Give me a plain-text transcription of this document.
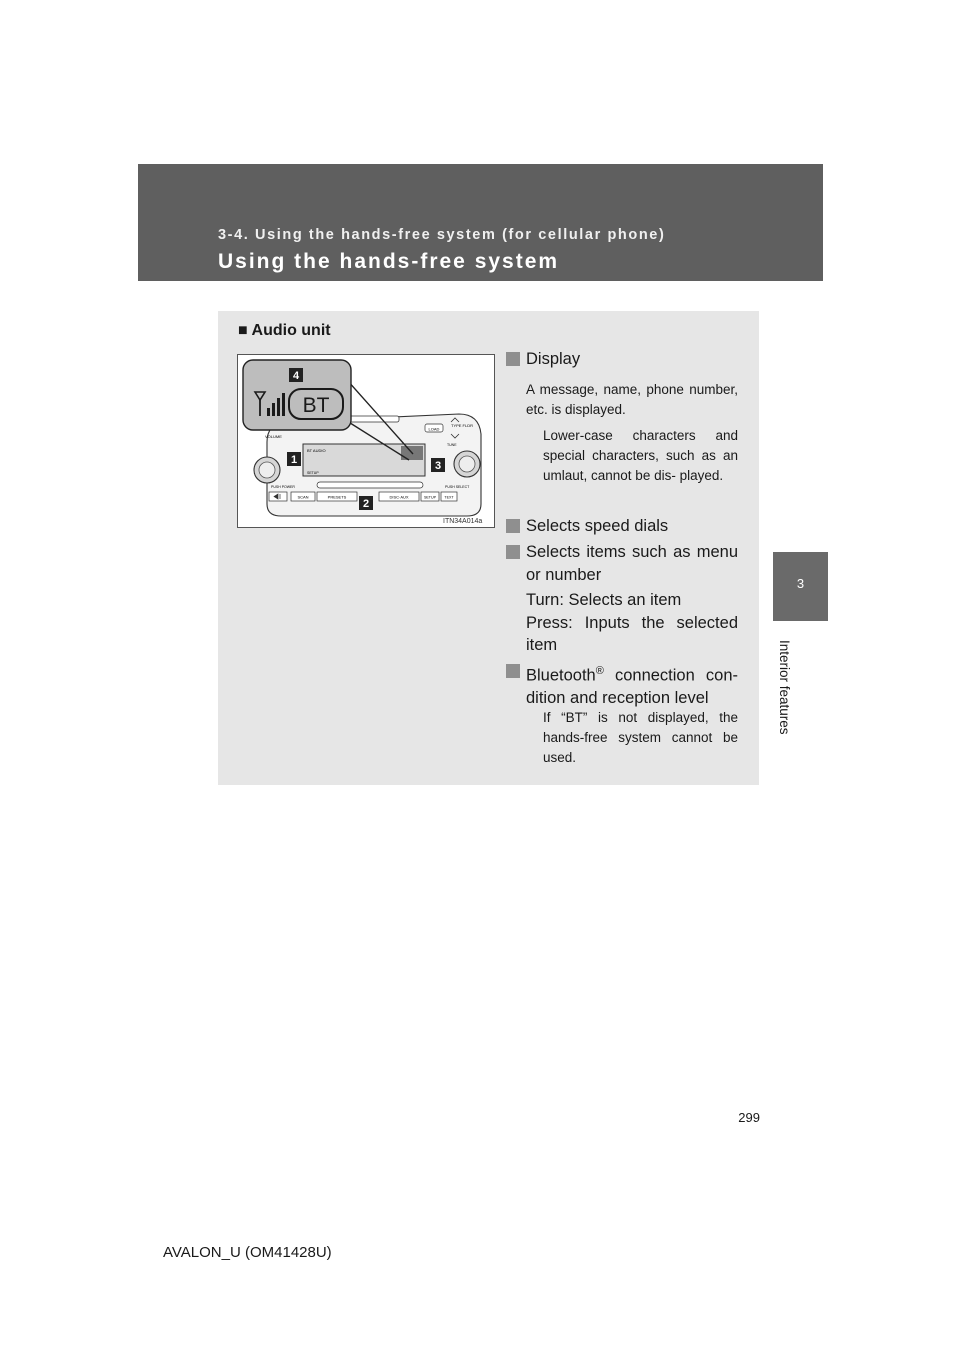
3-4. Using the hands-free system (for cellular phone)
Using the hands-free system
3
Interior features
■ Audio unit
LOAD
TYPE FLDR
VOLUME
PUSH POWER
TUNE
PUSH SELECT
BT AUDIO
SETUP
SCAN	PRESETS	DISC·AUX	SETUP TEXT
BT
4
1	3
2
ITN34A014a
Display
A message, name, phone number, etc. is displayed.
Lower-case characters and special characters, such as an umlaut, cannot be dis- played.
Selects speed dials
Selects items such as menu or number
Turn: Selects an item
Press: Inputs the selected item
Bluetooth® connection con- dition and reception level
If “BT” is not displayed, the hands-free system cannot be used.
299
AVALON_U (OM41428U)
